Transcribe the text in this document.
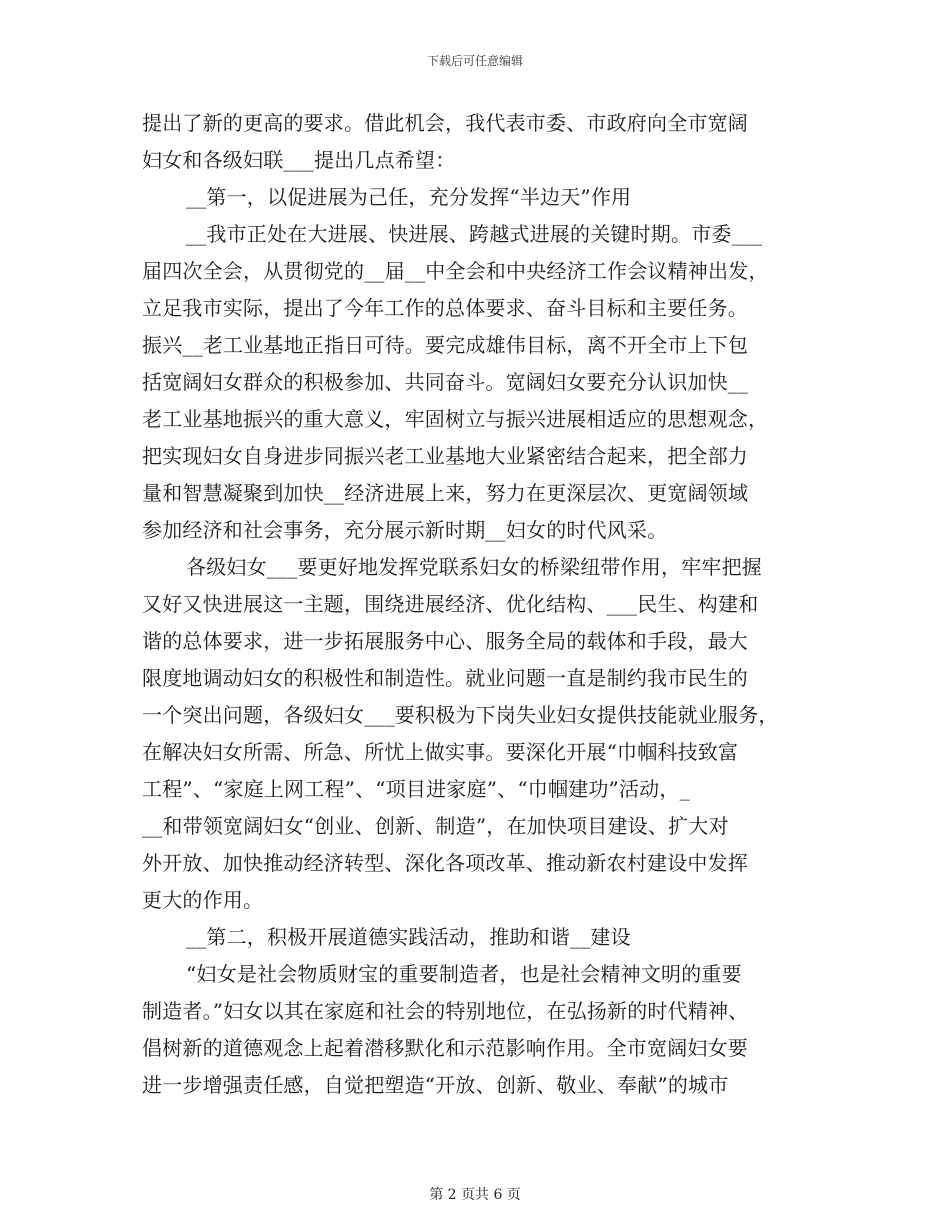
下载后可任意编辑
提出了新的更高的要求。借此机会，我代表市委、市政府向全市宽阔
妇女和各级妇联___提出几点希望：
__第一，以促进展为己任，充分发挥“半边天”作用
__我市正处在大进展、快进展、跨越式进展的关键时期。市委___
届四次全会，从贯彻党的__届__中全会和中央经济工作会议精神出发，
立足我市实际，提出了今年工作的总体要求、奋斗目标和主要任务。
振兴__老工业基地正指日可待。要完成雄伟目标，离不开全市上下包
括宽阔妇女群众的积极参加、共同奋斗。宽阔妇女要充分认识加快__
老工业基地振兴的重大意义，牢固树立与振兴进展相适应的思想观念，
把实现妇女自身进步同振兴老工业基地大业紧密结合起来，把全部力
量和智慧凝聚到加快__经济进展上来，努力在更深层次、更宽阔领域
参加经济和社会事务，充分展示新时期__妇女的时代风采。
各级妇女___要更好地发挥党联系妇女的桥梁纽带作用，牢牢把握
又好又快进展这一主题，围绕进展经济、优化结构、___民生、构建和
谐的总体要求，进一步拓展服务中心、服务全局的载体和手段，最大
限度地调动妇女的积极性和制造性。就业问题一直是制约我市民生的
一个突出问题，各级妇女___要积极为下岗失业妇女提供技能就业服务，
在解决妇女所需、所急、所忧上做实事。要深化开展“巾帼科技致富
工程”、“家庭上网工程”、“项目进家庭”、“巾帼建功”活动，_
__和带领宽阔妇女“创业、创新、制造”，在加快项目建设、扩大对
外开放、加快推动经济转型、深化各项改革、推动新农村建设中发挥
更大的作用。
__第二，积极开展道德实践活动，推助和谐__建设
“妇女是社会物质财宝的重要制造者，也是社会精神文明的重要
制造者。”妇女以其在家庭和社会的特别地位，在弘扬新的时代精神、
倡树新的道德观念上起着潜移默化和示范影响作用。全市宽阔妇女要
进一步增强责任感，自觉把塑造“开放、创新、敬业、奉献”的城市
第 2 页共 6 页
